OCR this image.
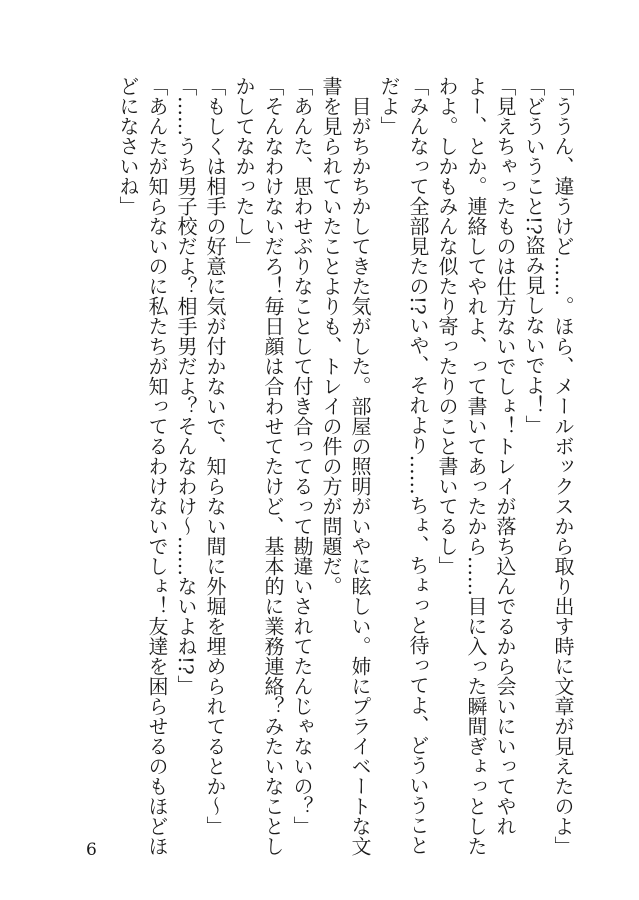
「ううん、違うけど……。ほら、メールボックスから取り出す時に文章が見えたのよ」

「どういうこと!?盗み見しないでよ！」

「見えちゃったものは仕方ないでしょ！トレイが落ち込んでるから会いにいってやれ

よー、とか。連絡してやれよ、って書いてあったから……目に入った瞬間ぎょっとした

わよ。しかもみんな似たり寄ったりのこと書いてるし」

「みんなって全部見たの!?いや、それより……ちょ、ちょっと待ってよ、どういうこと

だよ」

　目がちかちかしてきた気がした。部屋の照明がいやに眩しい。姉にプライベートな文

書を見られていたことよりも、トレイの件の方が問題だ。

「あんた、思わせぶりなことして付き合ってるって勘違いされてたんじゃないの？」

「そんなわけないだろ！毎日顔は合わせてたけど、基本的に業務連絡？みたいなことし

かしてなかったし」

「もしくは相手の好意に気が付かないで、知らない間に外堀を埋められてるとか〜」

「……うち男子校だよ？相手男だよ？そんなわけ〜……ないよね!?」

「あんたが知らないのに私たちが知ってるわけないでしょ！友達を困らせるのもほどほ

どになさいね」

6
